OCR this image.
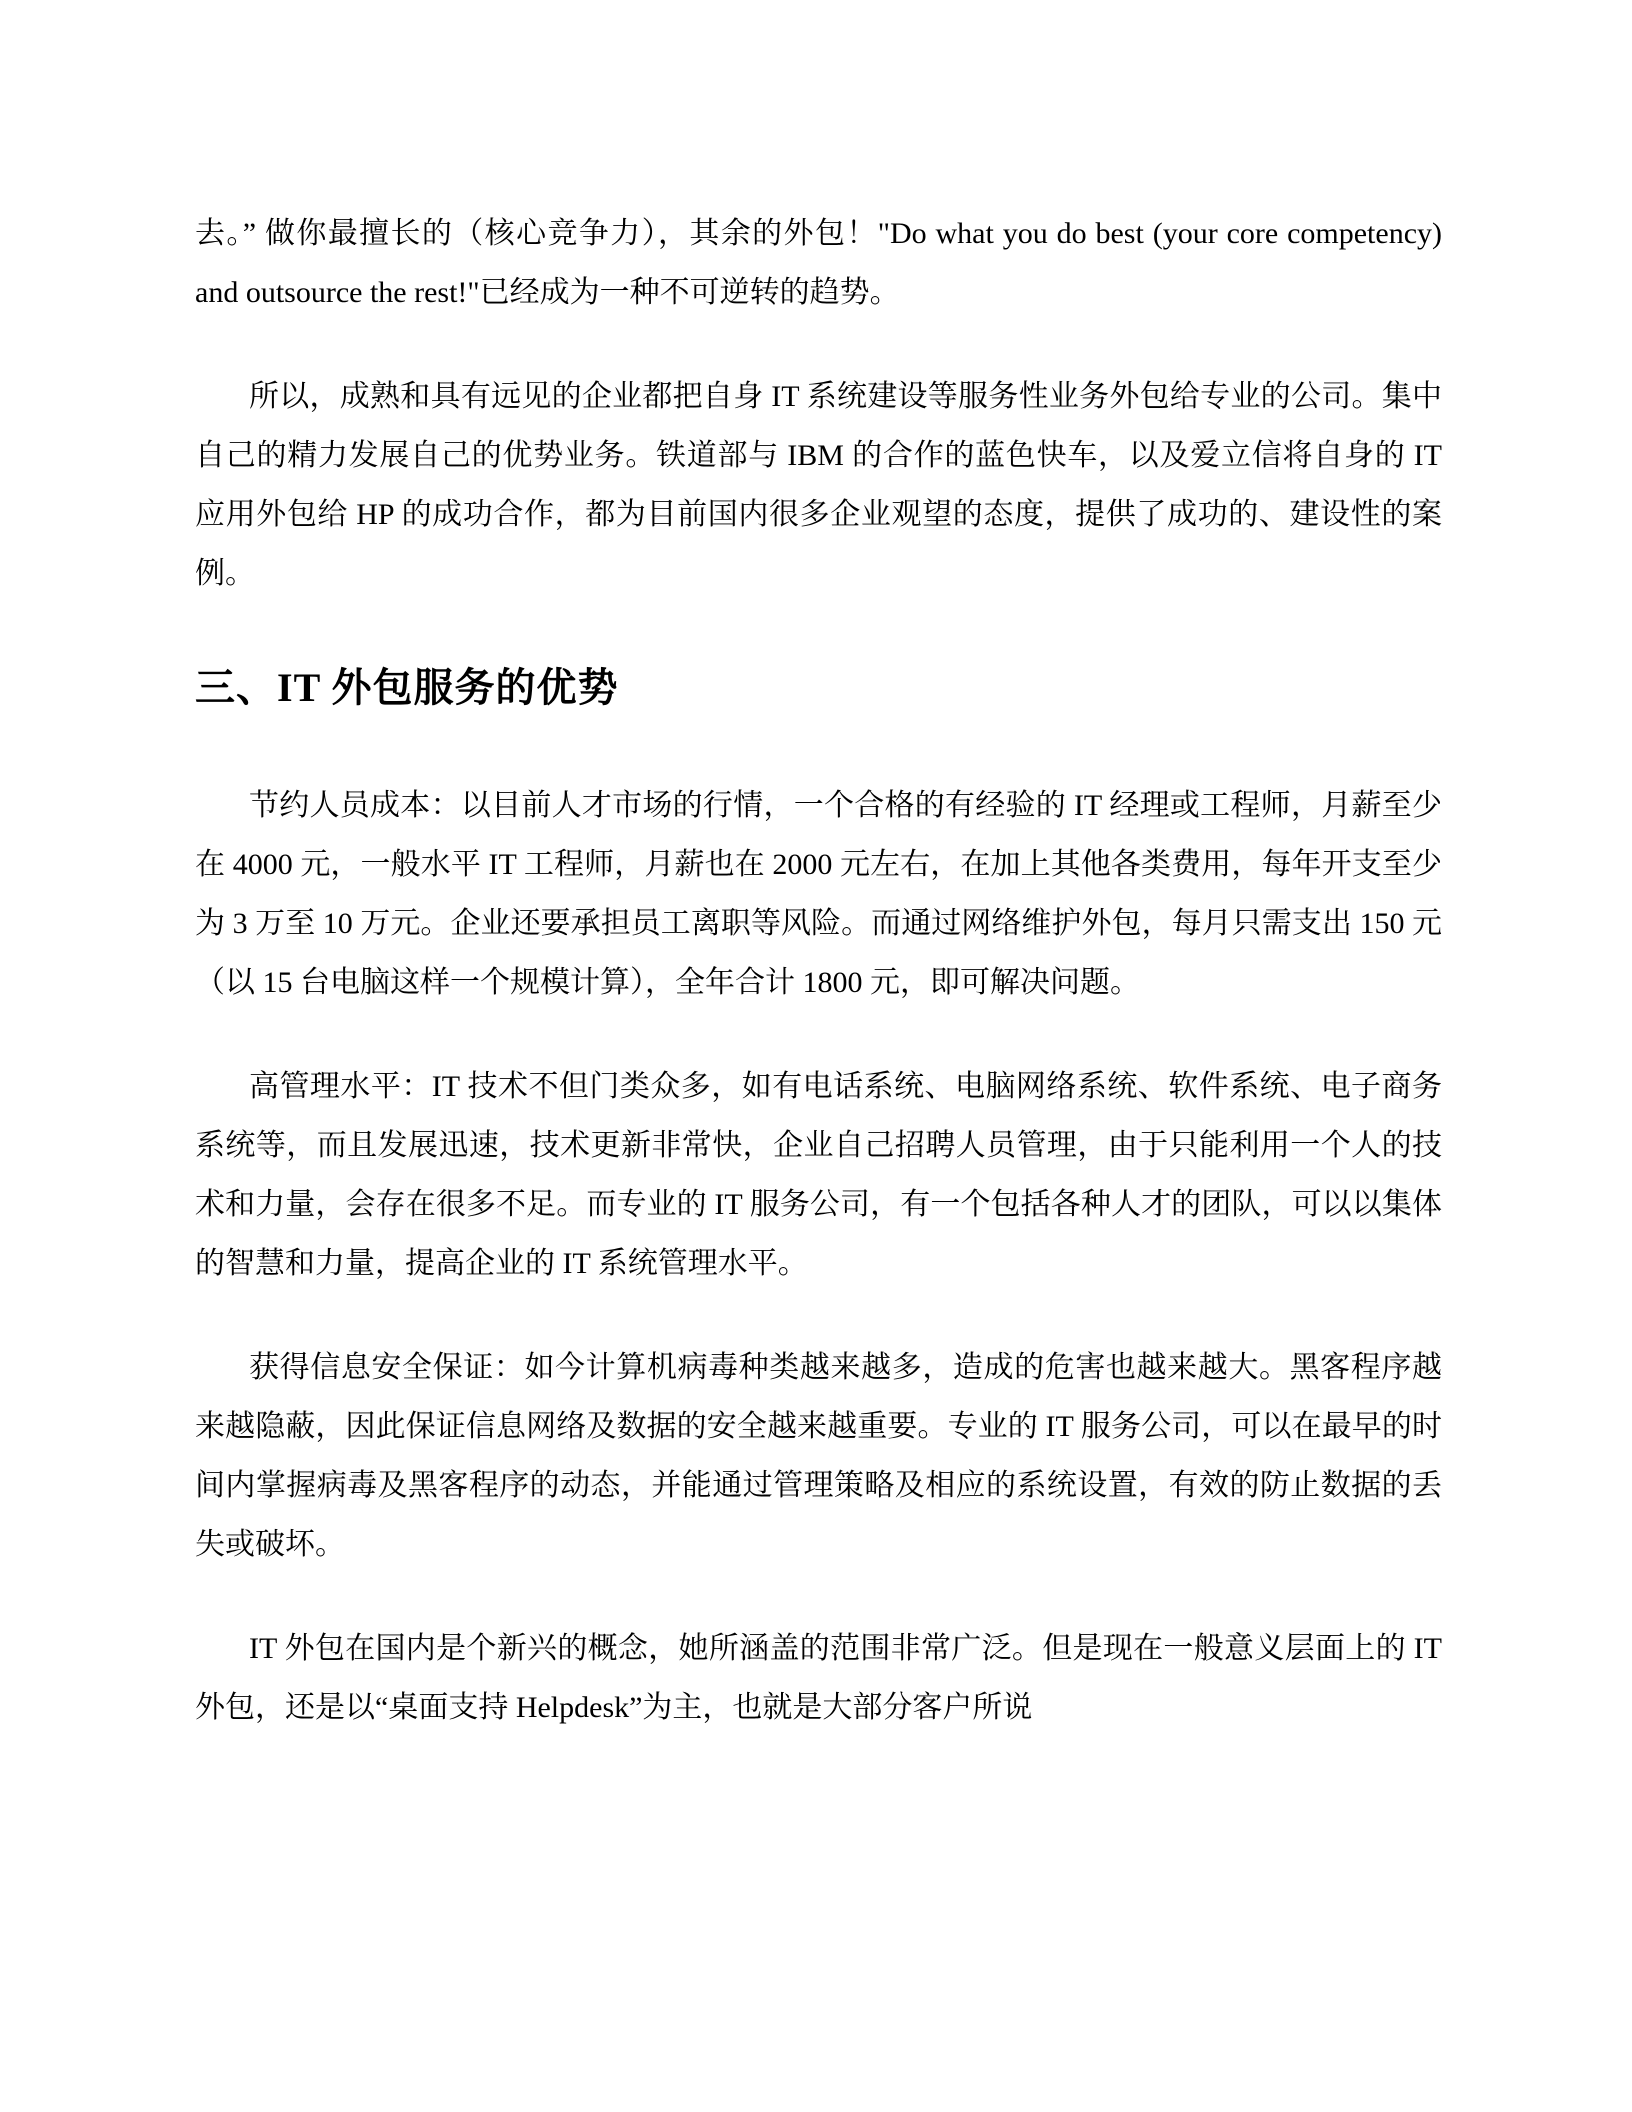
去。” 做你最擅长的（核心竞争力），其余的外包！"Do what you do best (your core competency) and outsource the rest!"已经成为一种不可逆转的趋势。

所以，成熟和具有远见的企业都把自身 IT 系统建设等服务性业务外包给专业的公司。集中自己的精力发展自己的优势业务。铁道部与 IBM 的合作的蓝色快车，以及爱立信将自身的 IT 应用外包给 HP 的成功合作，都为目前国内很多企业观望的态度，提供了成功的、建设性的案例。

三、IT 外包服务的优势

节约人员成本：以目前人才市场的行情，一个合格的有经验的 IT 经理或工程师，月薪至少在 4000 元，一般水平 IT 工程师，月薪也在 2000 元左右，在加上其他各类费用，每年开支至少为 3 万至 10 万元。企业还要承担员工离职等风险。而通过网络维护外包，每月只需支出 150 元（以 15 台电脑这样一个规模计算），全年合计 1800 元，即可解决问题。

高管理水平：IT 技术不但门类众多，如有电话系统、电脑网络系统、软件系统、电子商务系统等，而且发展迅速，技术更新非常快，企业自己招聘人员管理，由于只能利用一个人的技术和力量，会存在很多不足。而专业的 IT 服务公司，有一个包括各种人才的团队，可以以集体的智慧和力量，提高企业的 IT 系统管理水平。

获得信息安全保证：如今计算机病毒种类越来越多，造成的危害也越来越大。黑客程序越来越隐蔽，因此保证信息网络及数据的安全越来越重要。专业的 IT 服务公司，可以在最早的时间内掌握病毒及黑客程序的动态，并能通过管理策略及相应的系统设置，有效的防止数据的丢失或破坏。

IT 外包在国内是个新兴的概念，她所涵盖的范围非常广泛。但是现在一般意义层面上的 IT 外包，还是以“桌面支持 Helpdesk”为主，也就是大部分客户所说
